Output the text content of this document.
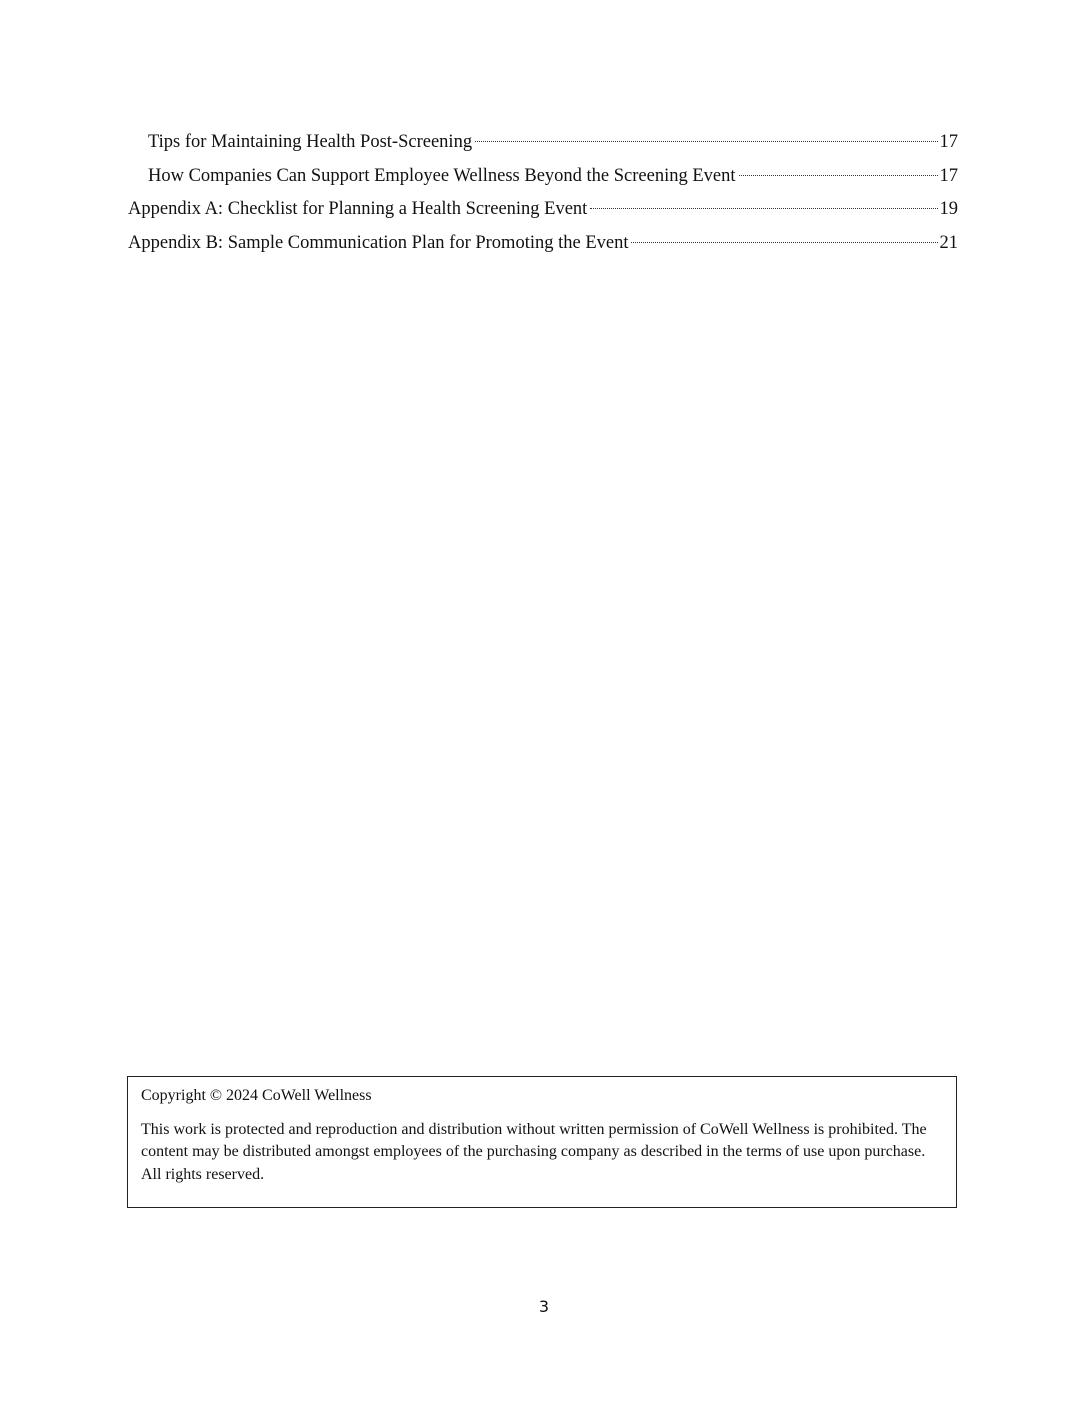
Tips for Maintaining Health Post-Screening	17
How Companies Can Support Employee Wellness Beyond the Screening Event	17
Appendix A: Checklist for Planning a Health Screening Event	19
Appendix B: Sample Communication Plan for Promoting the Event	21

Copyright © 2024 CoWell Wellness

This work is protected and reproduction and distribution without written permission of CoWell Wellness is prohibited. The content may be distributed amongst employees of the purchasing company as described in the terms of use upon purchase. All rights reserved.

3
